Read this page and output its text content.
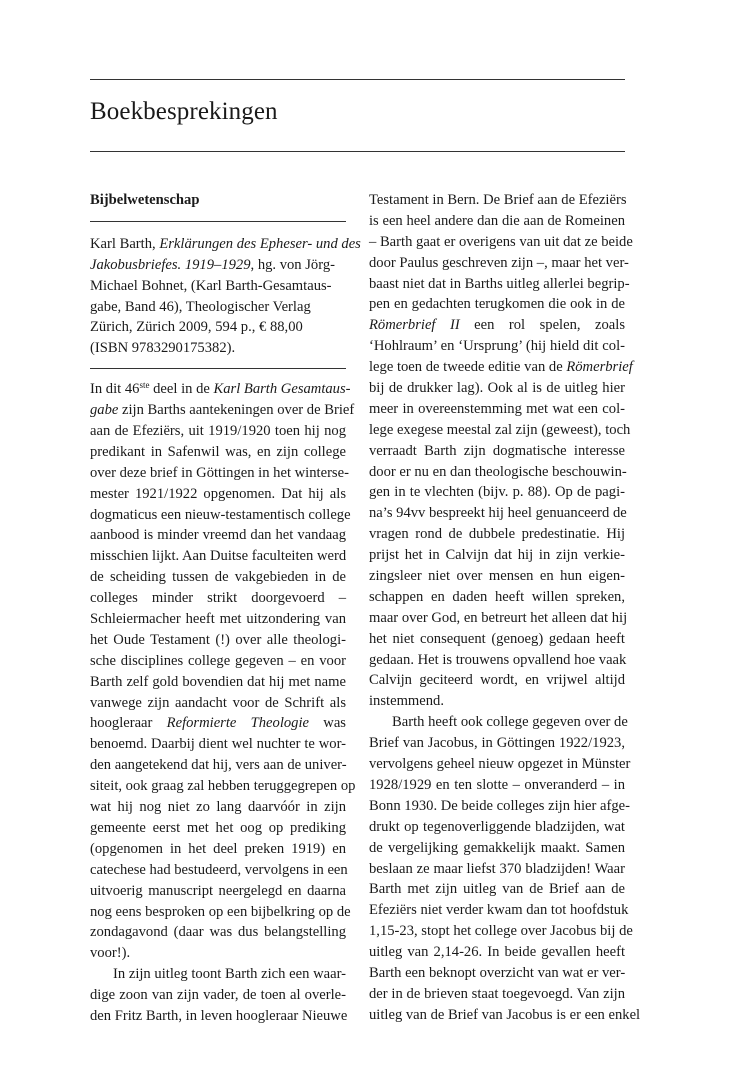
Boekbesprekingen
Bijbelwetenschap
Karl Barth, Erklärungen des Epheser- und des
Jakobusbriefes. 1919–1929, hg. von Jörg-
Michael Bohnet, (Karl Barth-Gesamtaus-
gabe, Band 46), Theologischer Verlag
Zürich, Zürich 2009, 594 p., € 88,00
(ISBN 9783290175382).
In dit 46ste deel in de Karl Barth Gesamtaus-
gabe zijn Barths aantekeningen over de Brief
aan de Efeziërs, uit 1919/1920 toen hij nog
predikant in Safenwil was, en zijn college
over deze brief in Göttingen in het winterse-
mester 1921/1922 opgenomen. Dat hij als
dogmaticus een nieuw-testamentisch college
aanbood is minder vreemd dan het vandaag
misschien lijkt. Aan Duitse faculteiten werd
de scheiding tussen de vakgebieden in de
colleges minder strikt doorgevoerd –
Schleiermacher heeft met uitzondering van
het Oude Testament (!) over alle theologi-
sche disciplines college gegeven – en voor
Barth zelf gold bovendien dat hij met name
vanwege zijn aandacht voor de Schrift als
hoogleraar Reformierte Theologie was
benoemd. Daarbij dient wel nuchter te wor-
den aangetekend dat hij, vers aan de univer-
siteit, ook graag zal hebben teruggegrepen op
wat hij nog niet zo lang daarvóór in zijn
gemeente eerst met het oog op prediking
(opgenomen in het deel preken 1919) en
catechese had bestudeerd, vervolgens in een
uitvoerig manuscript neergelegd en daarna
nog eens besproken op een bijbelkring op de
zondagavond (daar was dus belangstelling
voor!).
In zijn uitleg toont Barth zich een waar-
dige zoon van zijn vader, de toen al overle-
den Fritz Barth, in leven hoogleraar Nieuwe
Testament in Bern. De Brief aan de Efeziërs
is een heel andere dan die aan de Romeinen
– Barth gaat er overigens van uit dat ze beide
door Paulus geschreven zijn –, maar het ver-
baast niet dat in Barths uitleg allerlei begrip-
pen en gedachten terugkomen die ook in de
Römerbrief II een rol spelen, zoals
‘Hohlraum’ en ‘Ursprung’ (hij hield dit col-
lege toen de tweede editie van de Römerbrief
bij de drukker lag). Ook al is de uitleg hier
meer in overeenstemming met wat een col-
lege exegese meestal zal zijn (geweest), toch
verraadt Barth zijn dogmatische interesse
door er nu en dan theologische beschouwin-
gen in te vlechten (bijv. p. 88). Op de pagi-
na’s 94vv bespreekt hij heel genuanceerd de
vragen rond de dubbele predestinatie. Hij
prijst het in Calvijn dat hij in zijn verkie-
zingsleer niet over mensen en hun eigen-
schappen en daden heeft willen spreken,
maar over God, en betreurt het alleen dat hij
het niet consequent (genoeg) gedaan heeft
gedaan. Het is trouwens opvallend hoe vaak
Calvijn geciteerd wordt, en vrijwel altijd
instemmend.
Barth heeft ook college gegeven over de
Brief van Jacobus, in Göttingen 1922/1923,
vervolgens geheel nieuw opgezet in Münster
1928/1929 en ten slotte – onveranderd – in
Bonn 1930. De beide colleges zijn hier afge-
drukt op tegenoverliggende bladzijden, wat
de vergelijking gemakkelijk maakt. Samen
beslaan ze maar liefst 370 bladzijden! Waar
Barth met zijn uitleg van de Brief aan de
Efeziërs niet verder kwam dan tot hoofdstuk
1,15-23, stopt het college over Jacobus bij de
uitleg van 2,14-26. In beide gevallen heeft
Barth een beknopt overzicht van wat er ver-
der in de brieven staat toegevoegd. Van zijn
uitleg van de Brief van Jacobus is er een enkel
